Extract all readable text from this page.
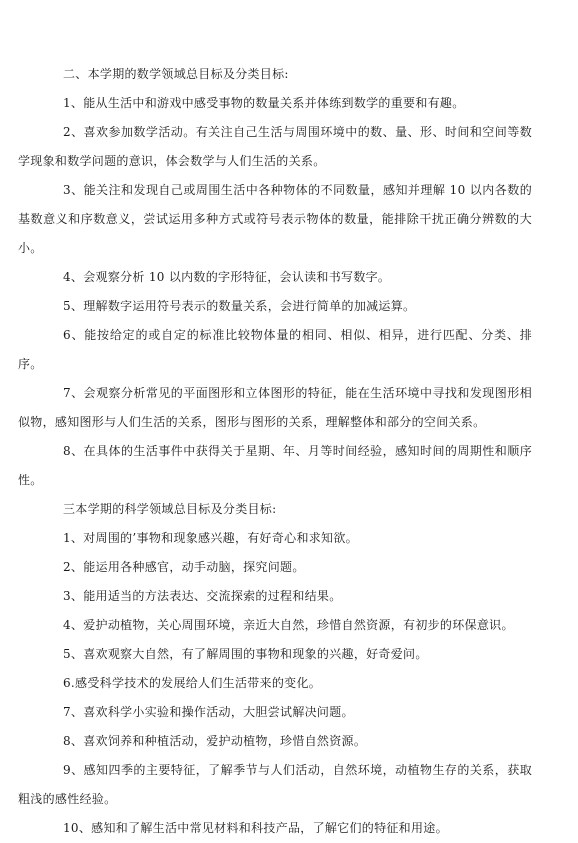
二、本学期的数学领域总目标及分类目标:

1、能从生活中和游戏中感受事物的数量关系并体练到数学的重要和有趣。

2、喜欢参加数学活动。有关注自己生活与周围环境中的数、量、形、时间和空间等数学现象和数学问题的意识，体会数学与人们生活的关系。

3、能关注和发现自己或周围生活中各种物体的不同数量，感知并理解 10 以内各数的基数意义和序数意义，尝试运用多种方式或符号表示物体的数量，能排除干扰正确分辨数的大小。

4、会观察分析 10 以内数的字形特征，会认读和书写数字。

5、理解数字运用符号表示的数量关系，会进行简单的加减运算。

6、能按给定的或自定的标准比较物体量的相同、相似、相异，进行匹配、分类、排序。

7、会观察分析常见的平面图形和立体图形的特征，能在生活环境中寻找和发现图形相似物，感知图形与人们生活的关系，图形与图形的关系，理解整体和部分的空间关系。

8、在具体的生活事件中获得关于星期、年、月等时间经验，感知时间的周期性和顺序性。

三本学期的科学领域总目标及分类目标:

1、对周围的’事物和现象感兴趣，有好奇心和求知欲。

2、能运用各种感官，动手动脑，探究问题。

3、能用适当的方法表达、交流探索的过程和结果。

4、爱护动植物，关心周围环境，亲近大自然，珍惜自然资源，有初步的环保意识。

5、喜欢观察大自然，有了解周围的事物和现象的兴趣，好奇爱问。

6.感受科学技术的发展给人们生活带来的变化。

7、喜欢科学小实验和操作活动，大胆尝试解决问题。

8、喜欢饲养和种植活动，爱护动植物，珍惜自然资源。

9、感知四季的主要特征，了解季节与人们活动，自然环境，动植物生存的关系，获取粗浅的感性经验。

10、感知和了解生活中常见材料和科技产品，了解它们的特征和用途。
